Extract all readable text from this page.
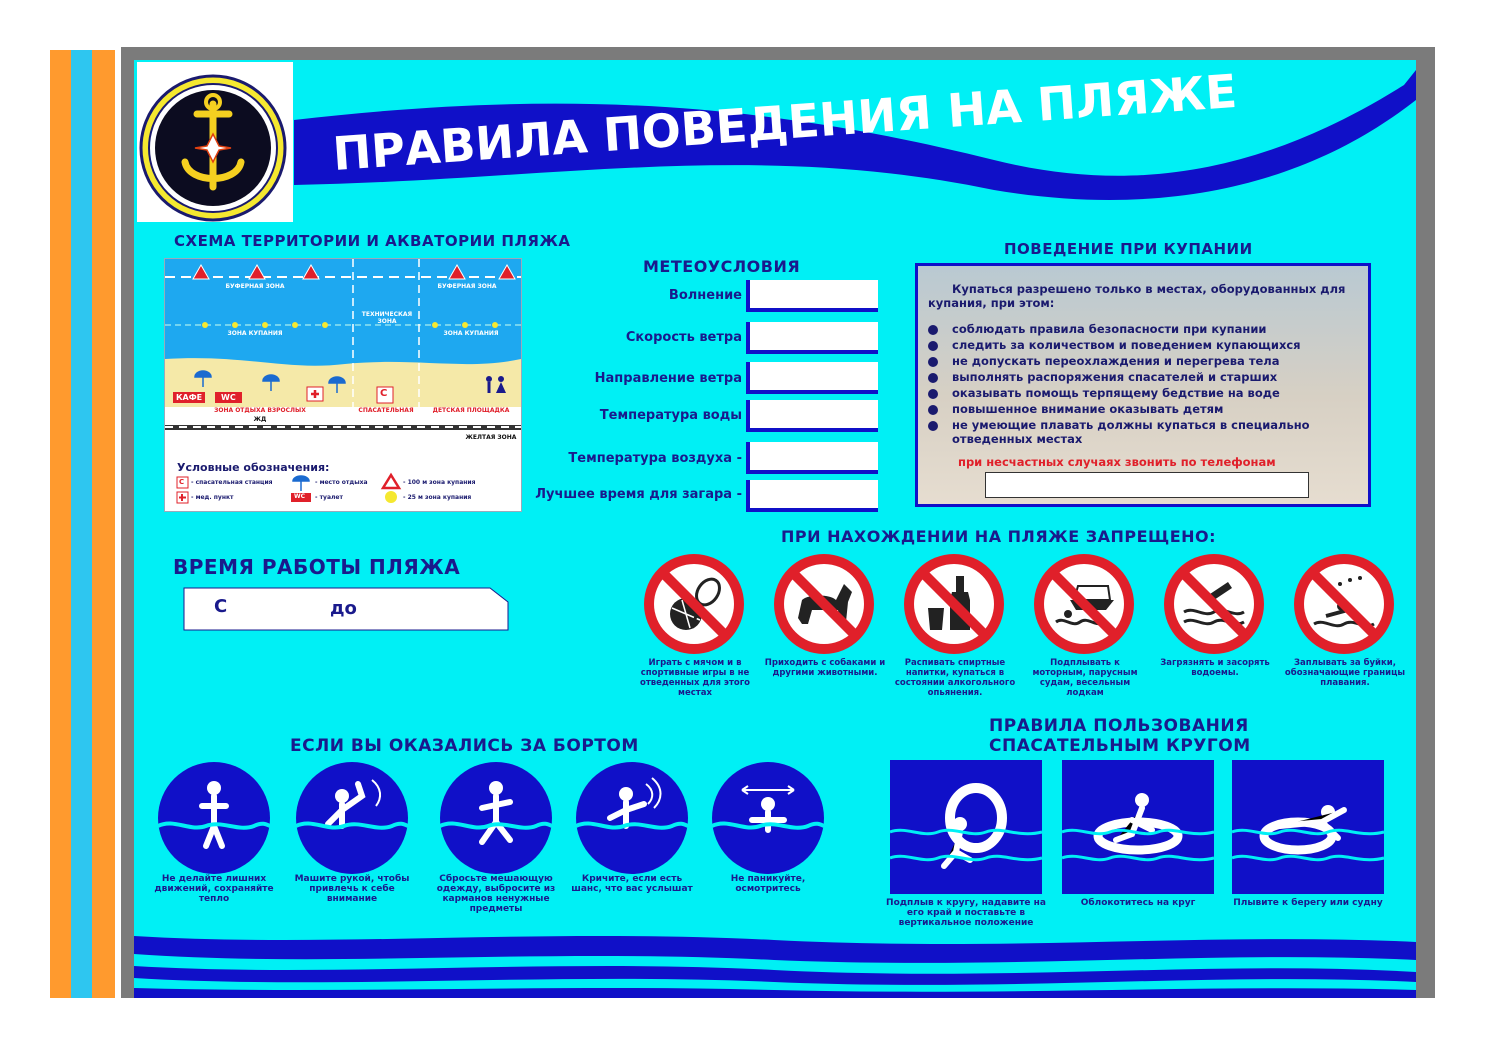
ПРАВИЛА ПОВЕДЕНИЯ НА ПЛЯЖЕ
СХЕМА ТЕРРИТОРИИ И АКВАТОРИИ ПЛЯЖА
БУФЕРНАЯ ЗОНА	БУФЕРНАЯ ЗОНА
ТЕХНИЧЕСКАЯ ЗОНА
ЗОНА КУПАНИЯ	ЗОНА КУПАНИЯ
КАФЕ	WC	С
ЗОНА ОТДЫХА ВЗРОСЛЫХ	СПАСАТЕЛЬНАЯ	ДЕТСКАЯ ПЛОЩАДКА
ЖД
ЖЕЛТАЯ ЗОНА
Условные обозначения:
С - спасательная станция	- место отдыха	- 100 м зона купания
- мед. пункт	WC - туалет	- 25 м зона купания
МЕТЕОУСЛОВИЯ
Волнение
Скорость ветра
Направление ветра
Температура воды
Температура воздуха -
Лучшее время для загара -
ПОВЕДЕНИЕ ПРИ КУПАНИИ
Купаться разрешено только в местах, оборудованных для купания, при этом:
соблюдать правила безопасности при купании
следить за количеством и поведением купающихся
не допускать переохлаждения и перегрева тела
выполнять распоряжения спасателей и старших
оказывать помощь терпящему бедствие на воде
повышенное внимание оказывать детям
не умеющие плавать должны купаться в специально отведенных местах
при несчастных случаях звонить по телефонам
ВРЕМЯ РАБОТЫ ПЛЯЖА
С	до
ПРИ НАХОЖДЕНИИ НА ПЛЯЖЕ ЗАПРЕЩЕНО:
Играть с мячом и в спортивные игры в не отведенных для этого местах
Приходить с собаками и другими животными.
Распивать спиртные напитки, купаться в состоянии алкогольного опьянения.
Подплывать к моторным, парусным судам, весельным лодкам
Загрязнять и засорять водоемы.
Заплывать за буйки, обозначающие границы плавания.
ЕСЛИ ВЫ ОКАЗАЛИСЬ ЗА БОРТОМ
Не делайте лишних движений, сохраняйте тепло
Машите рукой, чтобы привлечь к себе внимание
Сбросьте мешающую одежду, выбросите из карманов ненужные предметы
Кричите, если есть шанс, что вас услышат
Не паникуйте, осмотритесь
ПРАВИЛА ПОЛЬЗОВАНИЯ
СПАСАТЕЛЬНЫМ КРУГОМ
Подплыв к кругу, надавите на его край и поставьте в вертикальное положение
Облокотитесь на круг	Плывите к берегу или судну
